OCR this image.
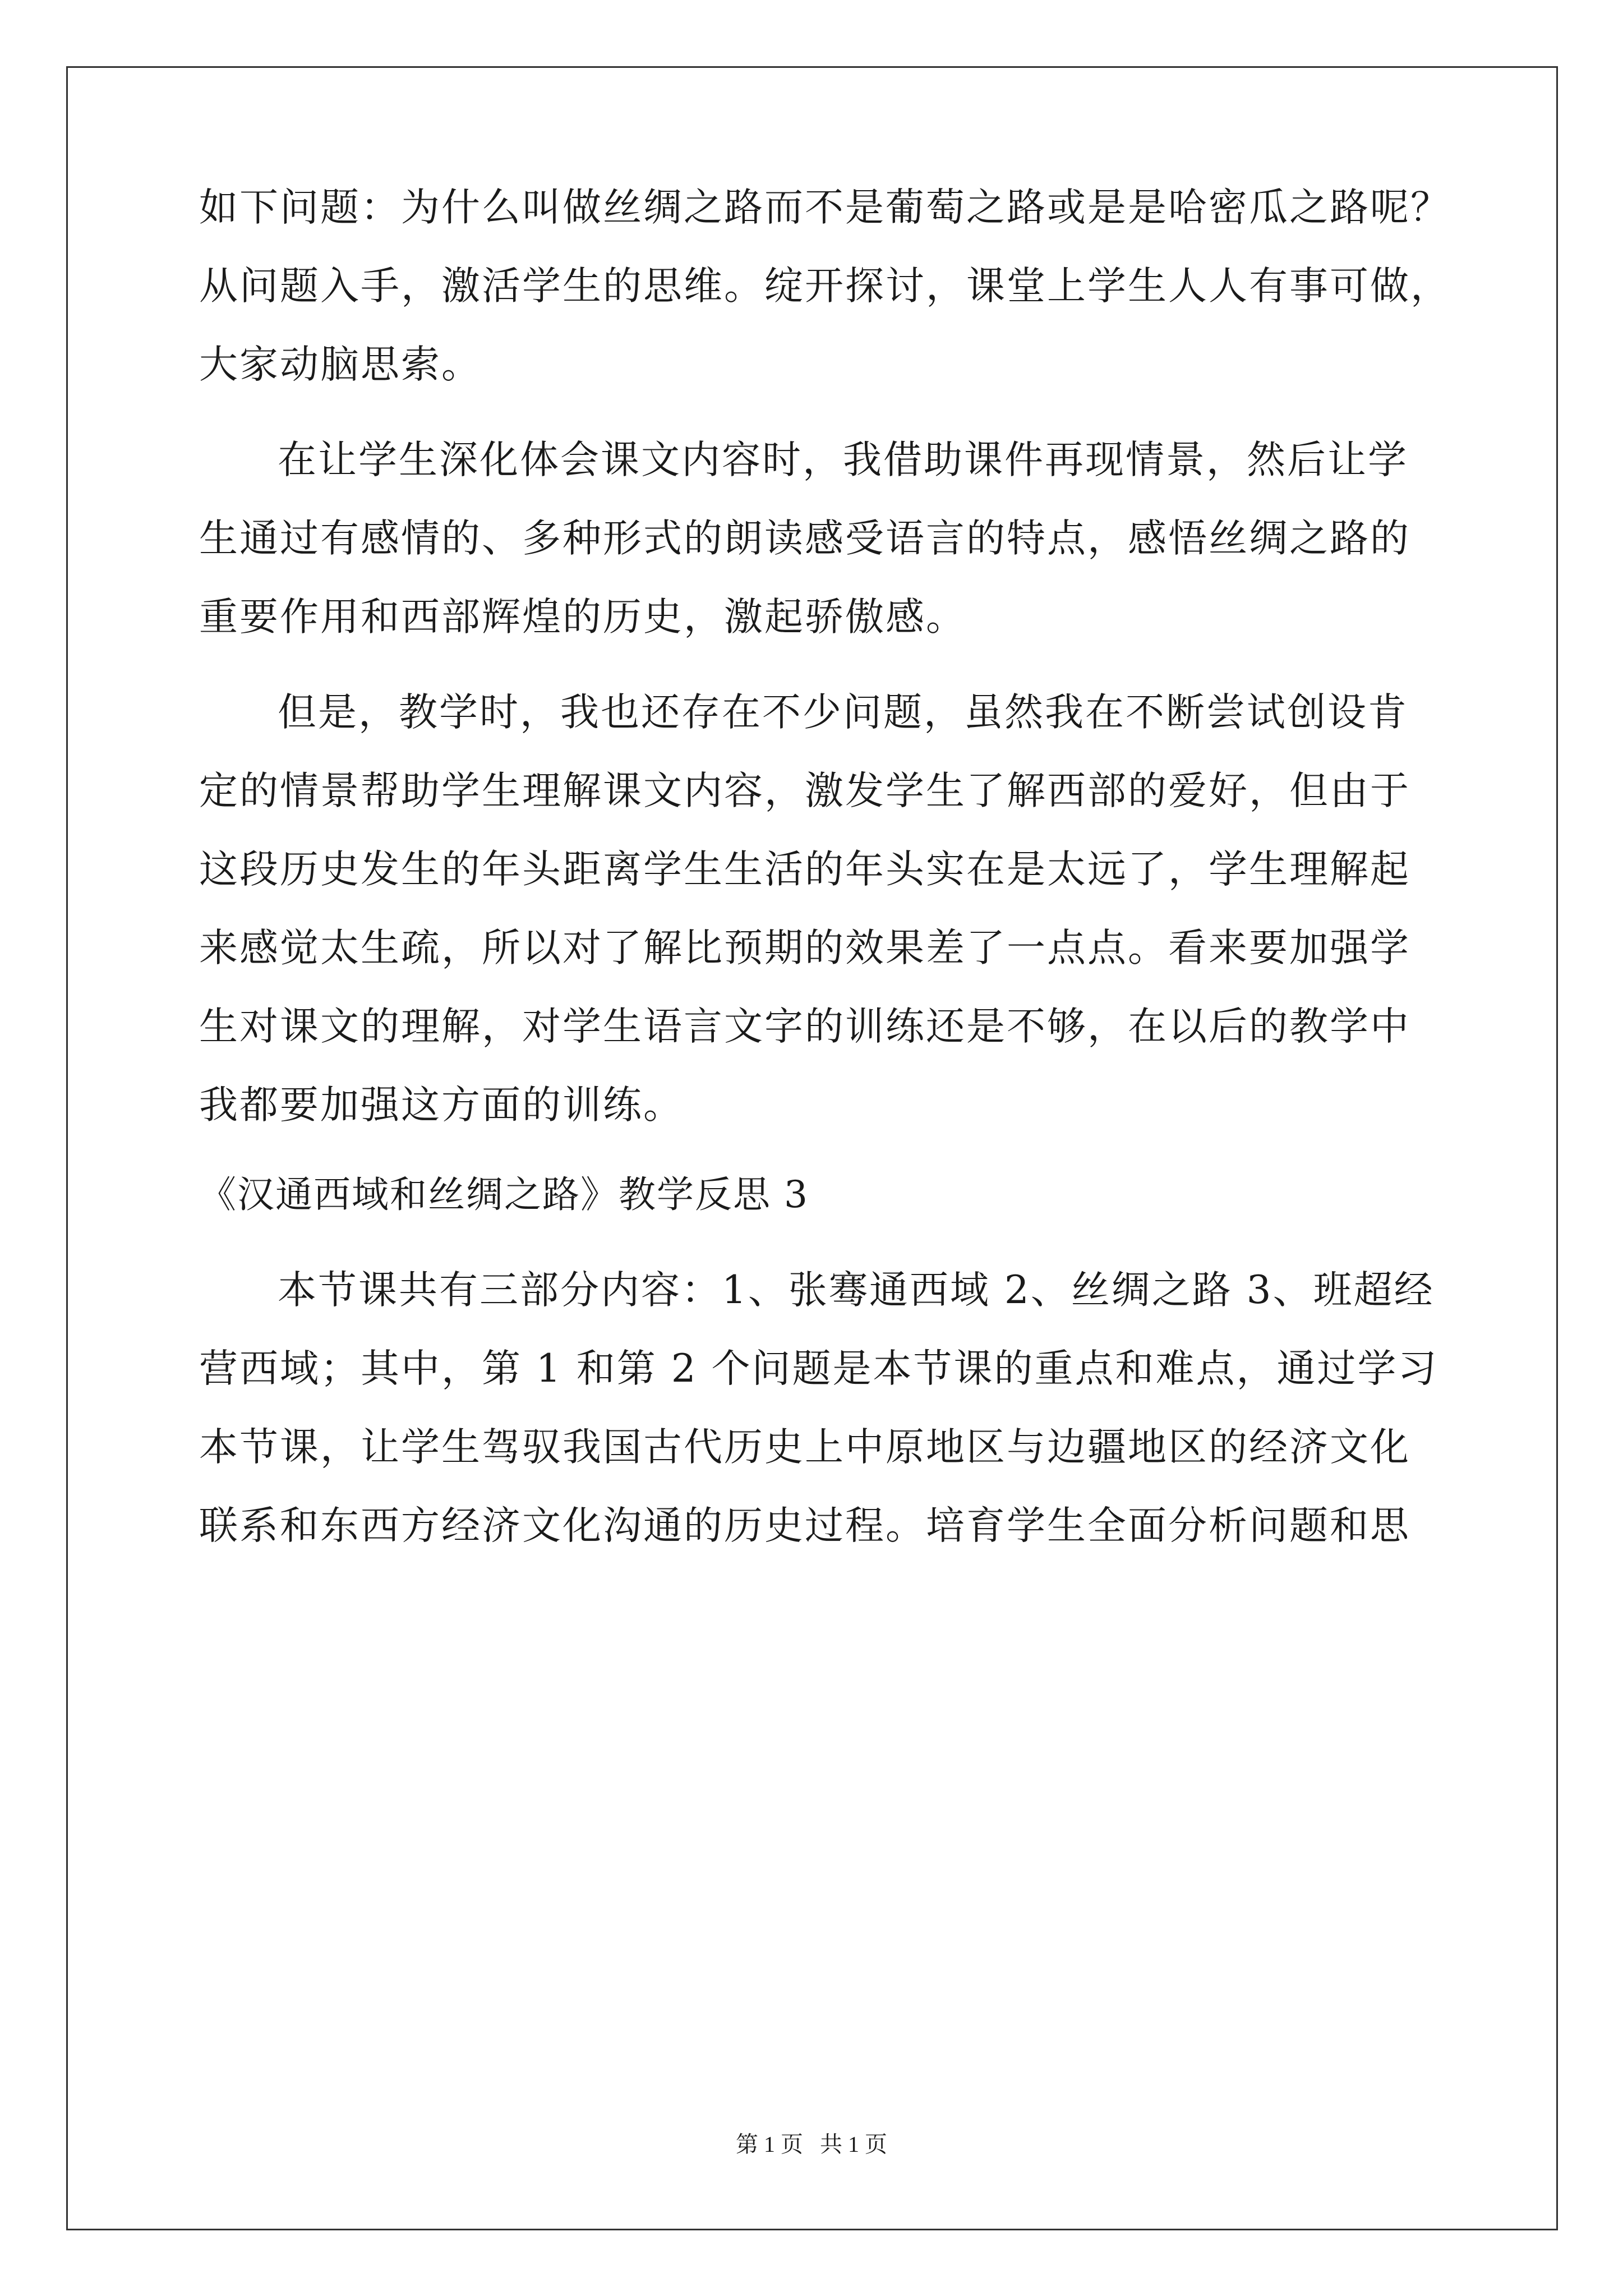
如下问题：为什么叫做丝绸之路而不是葡萄之路或是是哈密瓜之路呢？
从问题入手，激活学生的思维。绽开探讨，课堂上学生人人有事可做，
大家动脑思索。
在让学生深化体会课文内容时，我借助课件再现情景，然后让学
生通过有感情的、多种形式的朗读感受语言的特点，感悟丝绸之路的
重要作用和西部辉煌的历史，激起骄傲感。
但是，教学时，我也还存在不少问题，虽然我在不断尝试创设肯
定的情景帮助学生理解课文内容，激发学生了解西部的爱好，但由于
这段历史发生的年头距离学生生活的年头实在是太远了，学生理解起
来感觉太生疏，所以对了解比预期的效果差了一点点。看来要加强学
生对课文的理解，对学生语言文字的训练还是不够，在以后的教学中
我都要加强这方面的训练。
《汉通西域和丝绸之路》教学反思 3
本节课共有三部分内容：1、张骞通西域 2、丝绸之路 3、班超经
营西域；其中，第 1 和第 2 个问题是本节课的重点和难点，通过学习
本节课，让学生驾驭我国古代历史上中原地区与边疆地区的经济文化
联系和东西方经济文化沟通的历史过程。培育学生全面分析问题和思
第 1 页   共 1 页
